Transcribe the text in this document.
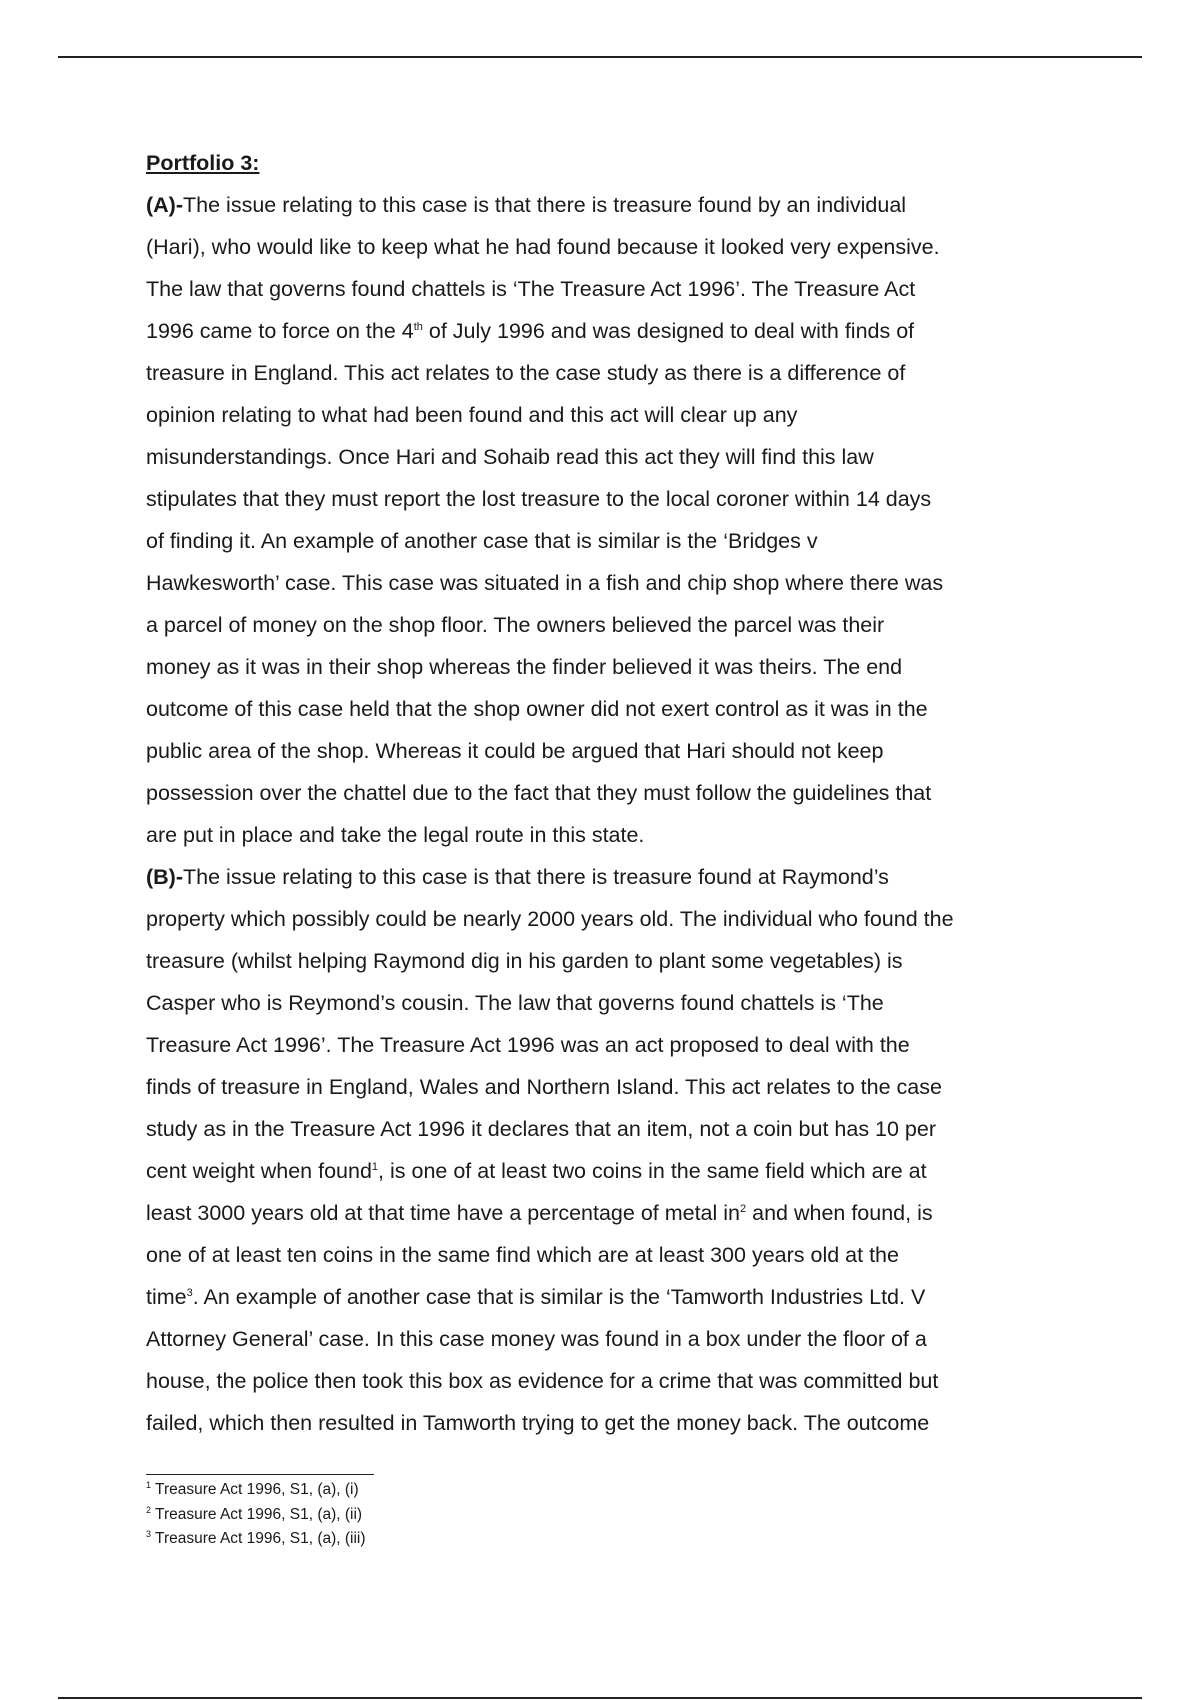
Portfolio 3:
(A)-The issue relating to this case is that there is treasure found by an individual
(Hari), who would like to keep what he had found because it looked very expensive.
The law that governs found chattels is ‘The Treasure Act 1996’. The Treasure Act
1996 came to force on the 4th of July 1996 and was designed to deal with finds of
treasure in England. This act relates to the case study as there is a difference of
opinion relating to what had been found and this act will clear up any
misunderstandings. Once Hari and Sohaib read this act they will find this law
stipulates that they must report the lost treasure to the local coroner within 14 days
of finding it. An example of another case that is similar is the ‘Bridges v
Hawkesworth’ case. This case was situated in a fish and chip shop where there was
a parcel of money on the shop floor. The owners believed the parcel was their
money as it was in their shop whereas the finder believed it was theirs. The end
outcome of this case held that the shop owner did not exert control as it was in the
public area of the shop. Whereas it could be argued that Hari should not keep
possession over the chattel due to the fact that they must follow the guidelines that
are put in place and take the legal route in this state.
(B)-The issue relating to this case is that there is treasure found at Raymond’s
property which possibly could be nearly 2000 years old. The individual who found the
treasure (whilst helping Raymond dig in his garden to plant some vegetables) is
Casper who is Reymond’s cousin. The law that governs found chattels is ‘The
Treasure Act 1996’. The Treasure Act 1996 was an act proposed to deal with the
finds of treasure in England, Wales and Northern Island. This act relates to the case
study as in the Treasure Act 1996 it declares that an item, not a coin but has 10 per
cent weight when found$^1$, is one of at least two coins in the same field which are at
least 3000 years old at that time have a percentage of metal $in^2$ and when found, is
one of at least ten coins in the same find which are at least 300 years old at the
time$^3$. An example of another case that is similar is the ‘Tamworth Industries Ltd. V
Attorney General’ case. In this case money was found in a box under the floor of a
house, the police then took this box as evidence for a crime that was committed but
failed, which then resulted in Tamworth trying to get the money back. The outcome
$^1$ Treasure Act 1996, S1, (a), (i)
$^2$ Treasure Act 1996, S1, (a), (ii)
$^3$ Treasure Act 1996, S1, (a), (iii)
